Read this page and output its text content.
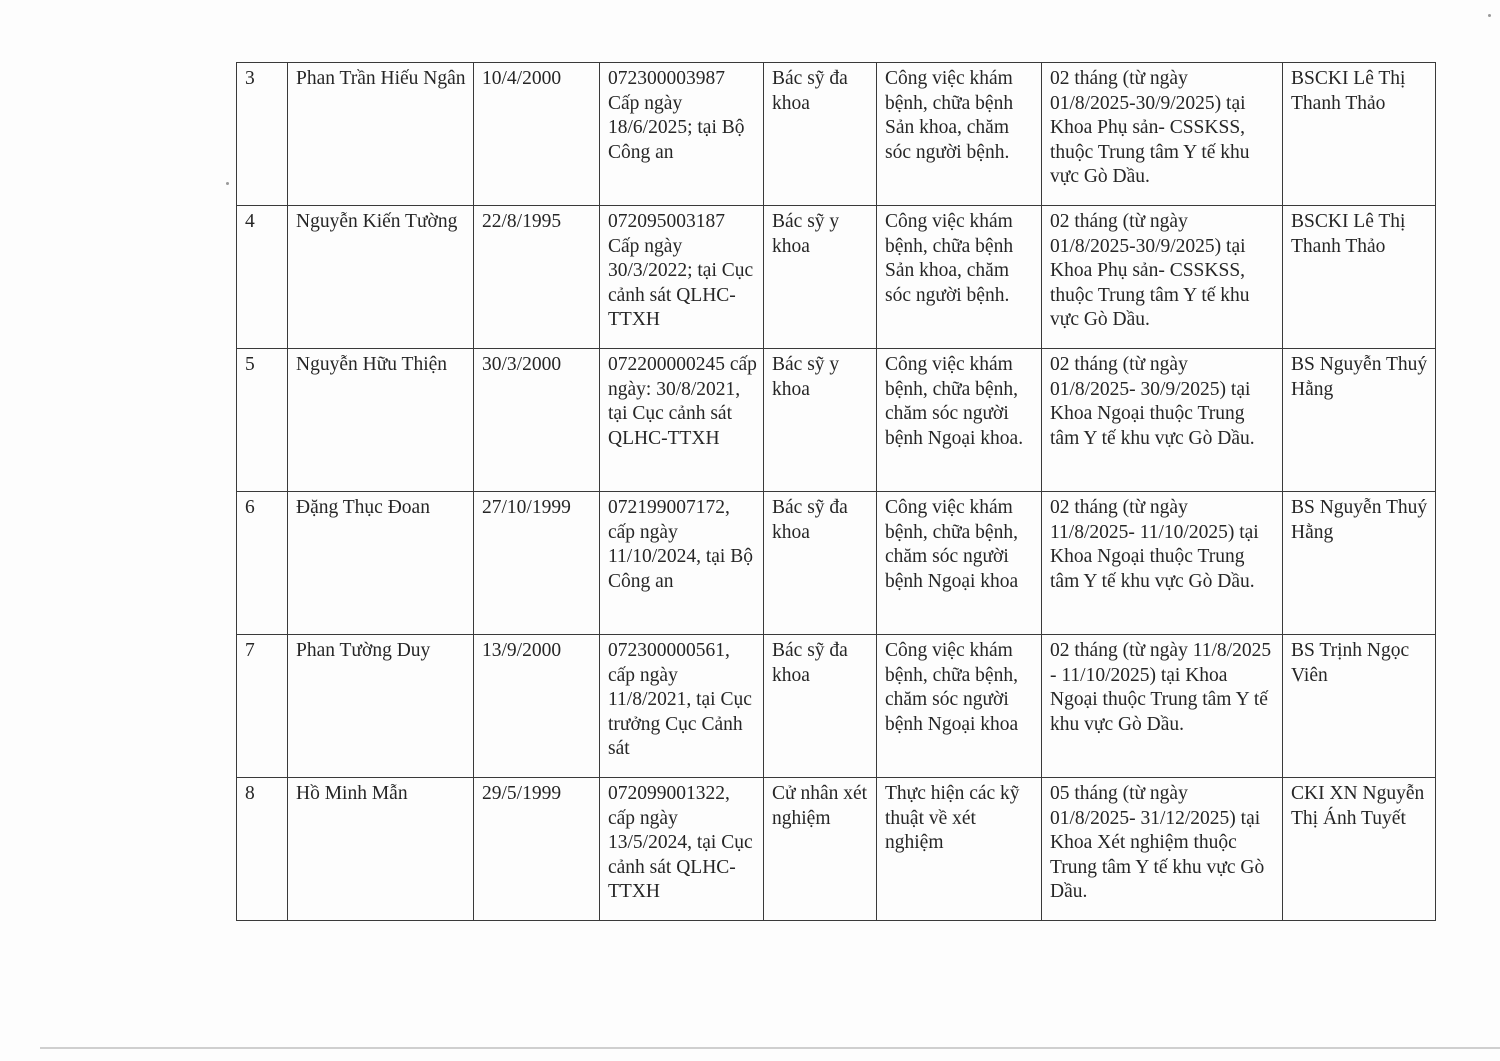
3	Phan Trần Hiếu Ngân	10/4/2000	072300003987 Cấp ngày 18/6/2025; tại Bộ Công an	Bác sỹ đa khoa	Công việc khám bệnh, chữa bệnh Sản khoa, chăm sóc người bệnh.	02 tháng (từ ngày 01/8/2025-30/9/2025) tại Khoa Phụ sản- CSSKSS, thuộc Trung tâm Y tế khu vực Gò Dầu.	BSCKI Lê Thị Thanh Thảo
4	Nguyễn Kiến Tường	22/8/1995	072095003187 Cấp ngày 30/3/2022; tại Cục cảnh sát QLHC-TTXH	Bác sỹ y khoa	Công việc khám bệnh, chữa bệnh Sản khoa, chăm sóc người bệnh.	02 tháng (từ ngày 01/8/2025-30/9/2025) tại Khoa Phụ sản- CSSKSS, thuộc Trung tâm Y tế khu vực Gò Dầu.	BSCKI Lê Thị Thanh Thảo
5	Nguyễn Hữu Thiện	30/3/2000	072200000245 cấp ngày: 30/8/2021, tại Cục cảnh sát QLHC-TTXH	Bác sỹ y khoa	Công việc khám bệnh, chữa bệnh, chăm sóc người bệnh Ngoại khoa.	02 tháng (từ ngày 01/8/2025- 30/9/2025) tại Khoa Ngoại thuộc Trung tâm Y tế khu vực Gò Dầu.	BS Nguyễn Thuý Hằng
6	Đặng Thục Đoan	27/10/1999	072199007172, cấp ngày 11/10/2024, tại Bộ Công an	Bác sỹ đa khoa	Công việc khám bệnh, chữa bệnh, chăm sóc người bệnh Ngoại khoa	02 tháng (từ ngày 11/8/2025- 11/10/2025) tại Khoa Ngoại thuộc Trung tâm Y tế khu vực Gò Dầu.	BS Nguyễn Thuý Hằng
7	Phan Tường Duy	13/9/2000	072300000561, cấp ngày 11/8/2021, tại Cục trưởng Cục Cảnh sát	Bác sỹ đa khoa	Công việc khám bệnh, chữa bệnh, chăm sóc người bệnh Ngoại khoa	02 tháng (từ ngày 11/8/2025 - 11/10/2025) tại Khoa Ngoại thuộc Trung tâm Y tế khu vực Gò Dầu.	BS Trịnh Ngọc Viên
8	Hồ Minh Mẫn	29/5/1999	072099001322, cấp ngày 13/5/2024, tại Cục cảnh sát QLHC-TTXH	Cử nhân xét nghiệm	Thực hiện các kỹ thuật về xét nghiệm	05 tháng (từ ngày 01/8/2025- 31/12/2025) tại Khoa Xét nghiệm thuộc Trung tâm Y tế khu vực Gò Dầu.	CKI XN Nguyễn Thị Ánh Tuyết
